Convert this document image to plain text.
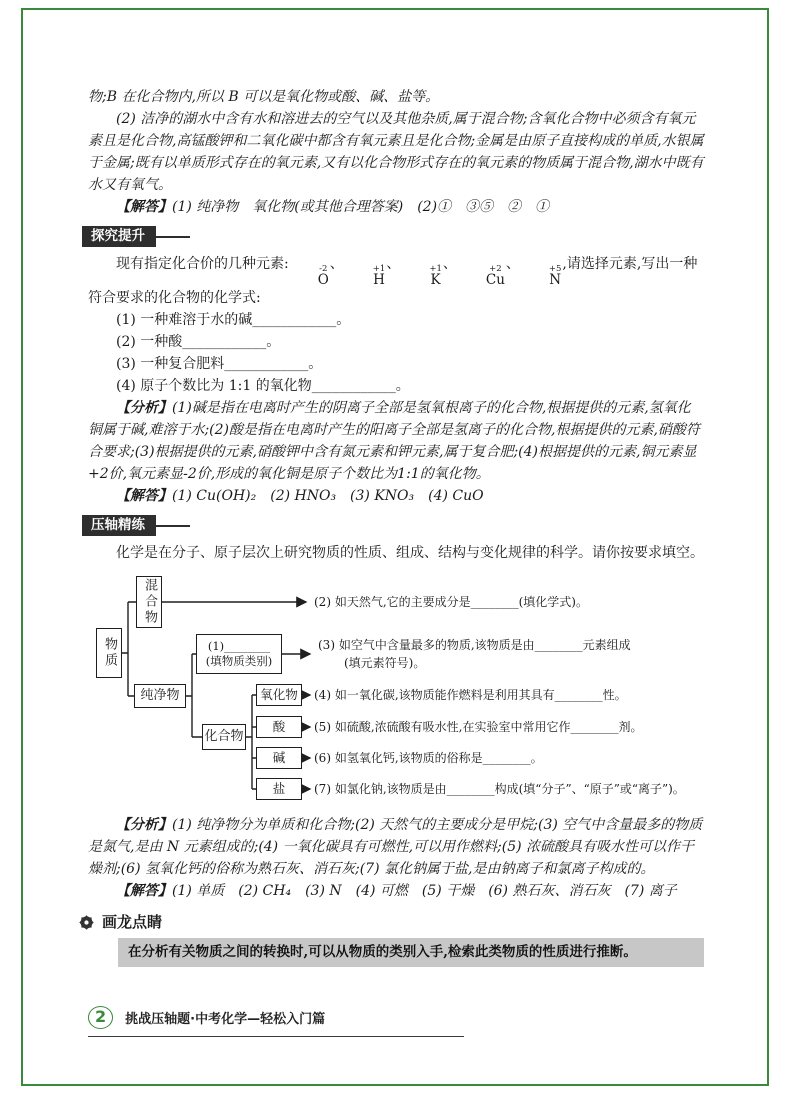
物;B 在化合物内,所以 B 可以是氧化物或酸、碱、盐等。

(2) 洁净的湖水中含有水和溶进去的空气以及其他杂质,属于混合物;含氧化合物中必须含有氧元素且是化合物,高锰酸钾和二氧化碳中都含有氧元素且是化合物;金属是由原子直接构成的单质,水银属于金属;既有以单质形式存在的氧元素,又有以化合物形式存在的氧元素的物质属于混合物,湖水中既有水又有氧气。

【解答】(1) 纯净物　氧化物(或其他合理答案)　(2)①　③⑤　②　①

探究提升

现有指定化合价的几种元素:	-2
O
、	+1
H
、	+1
K
、	+2
Cu
、	+5
N
,请选择元素,写出一种符合要求的化合物的化学式:

(1) 一种难溶于水的碱____________。

(2) 一种酸____________。

(3) 一种复合肥料____________。

(4) 原子个数比为 1:1 的氧化物____________。

【分析】(1)碱是指在电离时产生的阴离子全部是氢氧根离子的化合物,根据提供的元素,氢氧化铜属于碱,难溶于水;(2)酸是指在电离时产生的阳离子全部是氢离子的化合物,根据提供的元素,硝酸符合要求;(3)根据提供的元素,硝酸钾中含有氮元素和钾元素,属于复合肥;(4)根据提供的元素,铜元素显+2价,氧元素显-2价,形成的氧化铜是原子个数比为1:1的氧化物。

【解答】(1) Cu(OH)₂　(2) HNO₃　(3) KNO₃　(4) CuO

压轴精练

化学是在分子、原子层次上研究物质的性质、组成、结构与变化规律的科学。请你按要求填空。

混合物
物质	(1)________
(填物质类别)
纯净物
化合物
氧化物
酸
碱
盐
(2) 如天然气,它的主要成分是________(填化学式)。
(3) 如空气中含量最多的物质,该物质是由________元素组成
(填元素符号)。
(4) 如一氧化碳,该物质能作燃料是利用其具有________性。
(5) 如硫酸,浓硫酸有吸水性,在实验室中常用它作________剂。
(6) 如氢氧化钙,该物质的俗称是________。
(7) 如氯化钠,该物质是由________构成(填“分子”、“原子”或“离子”)。

【分析】(1) 纯净物分为单质和化合物;(2) 天然气的主要成分是甲烷;(3) 空气中含量最多的物质是氮气,是由 N 元素组成的;(4) 一氧化碳具有可燃性,可以用作燃料;(5) 浓硫酸具有吸水性可以作干燥剂;(6) 氢氧化钙的俗称为熟石灰、消石灰;(7) 氯化钠属于盐,是由钠离子和氯离子构成的。

【解答】(1) 单质　(2) CH₄　(3) N　(4) 可燃　(5) 干燥　(6) 熟石灰、消石灰　(7) 离子

画龙点睛
在分析有关物质之间的转换时,可以从物质的类别入手,检索此类物质的性质进行推断。
2	挑战压轴题·中考化学—轻松入门篇
